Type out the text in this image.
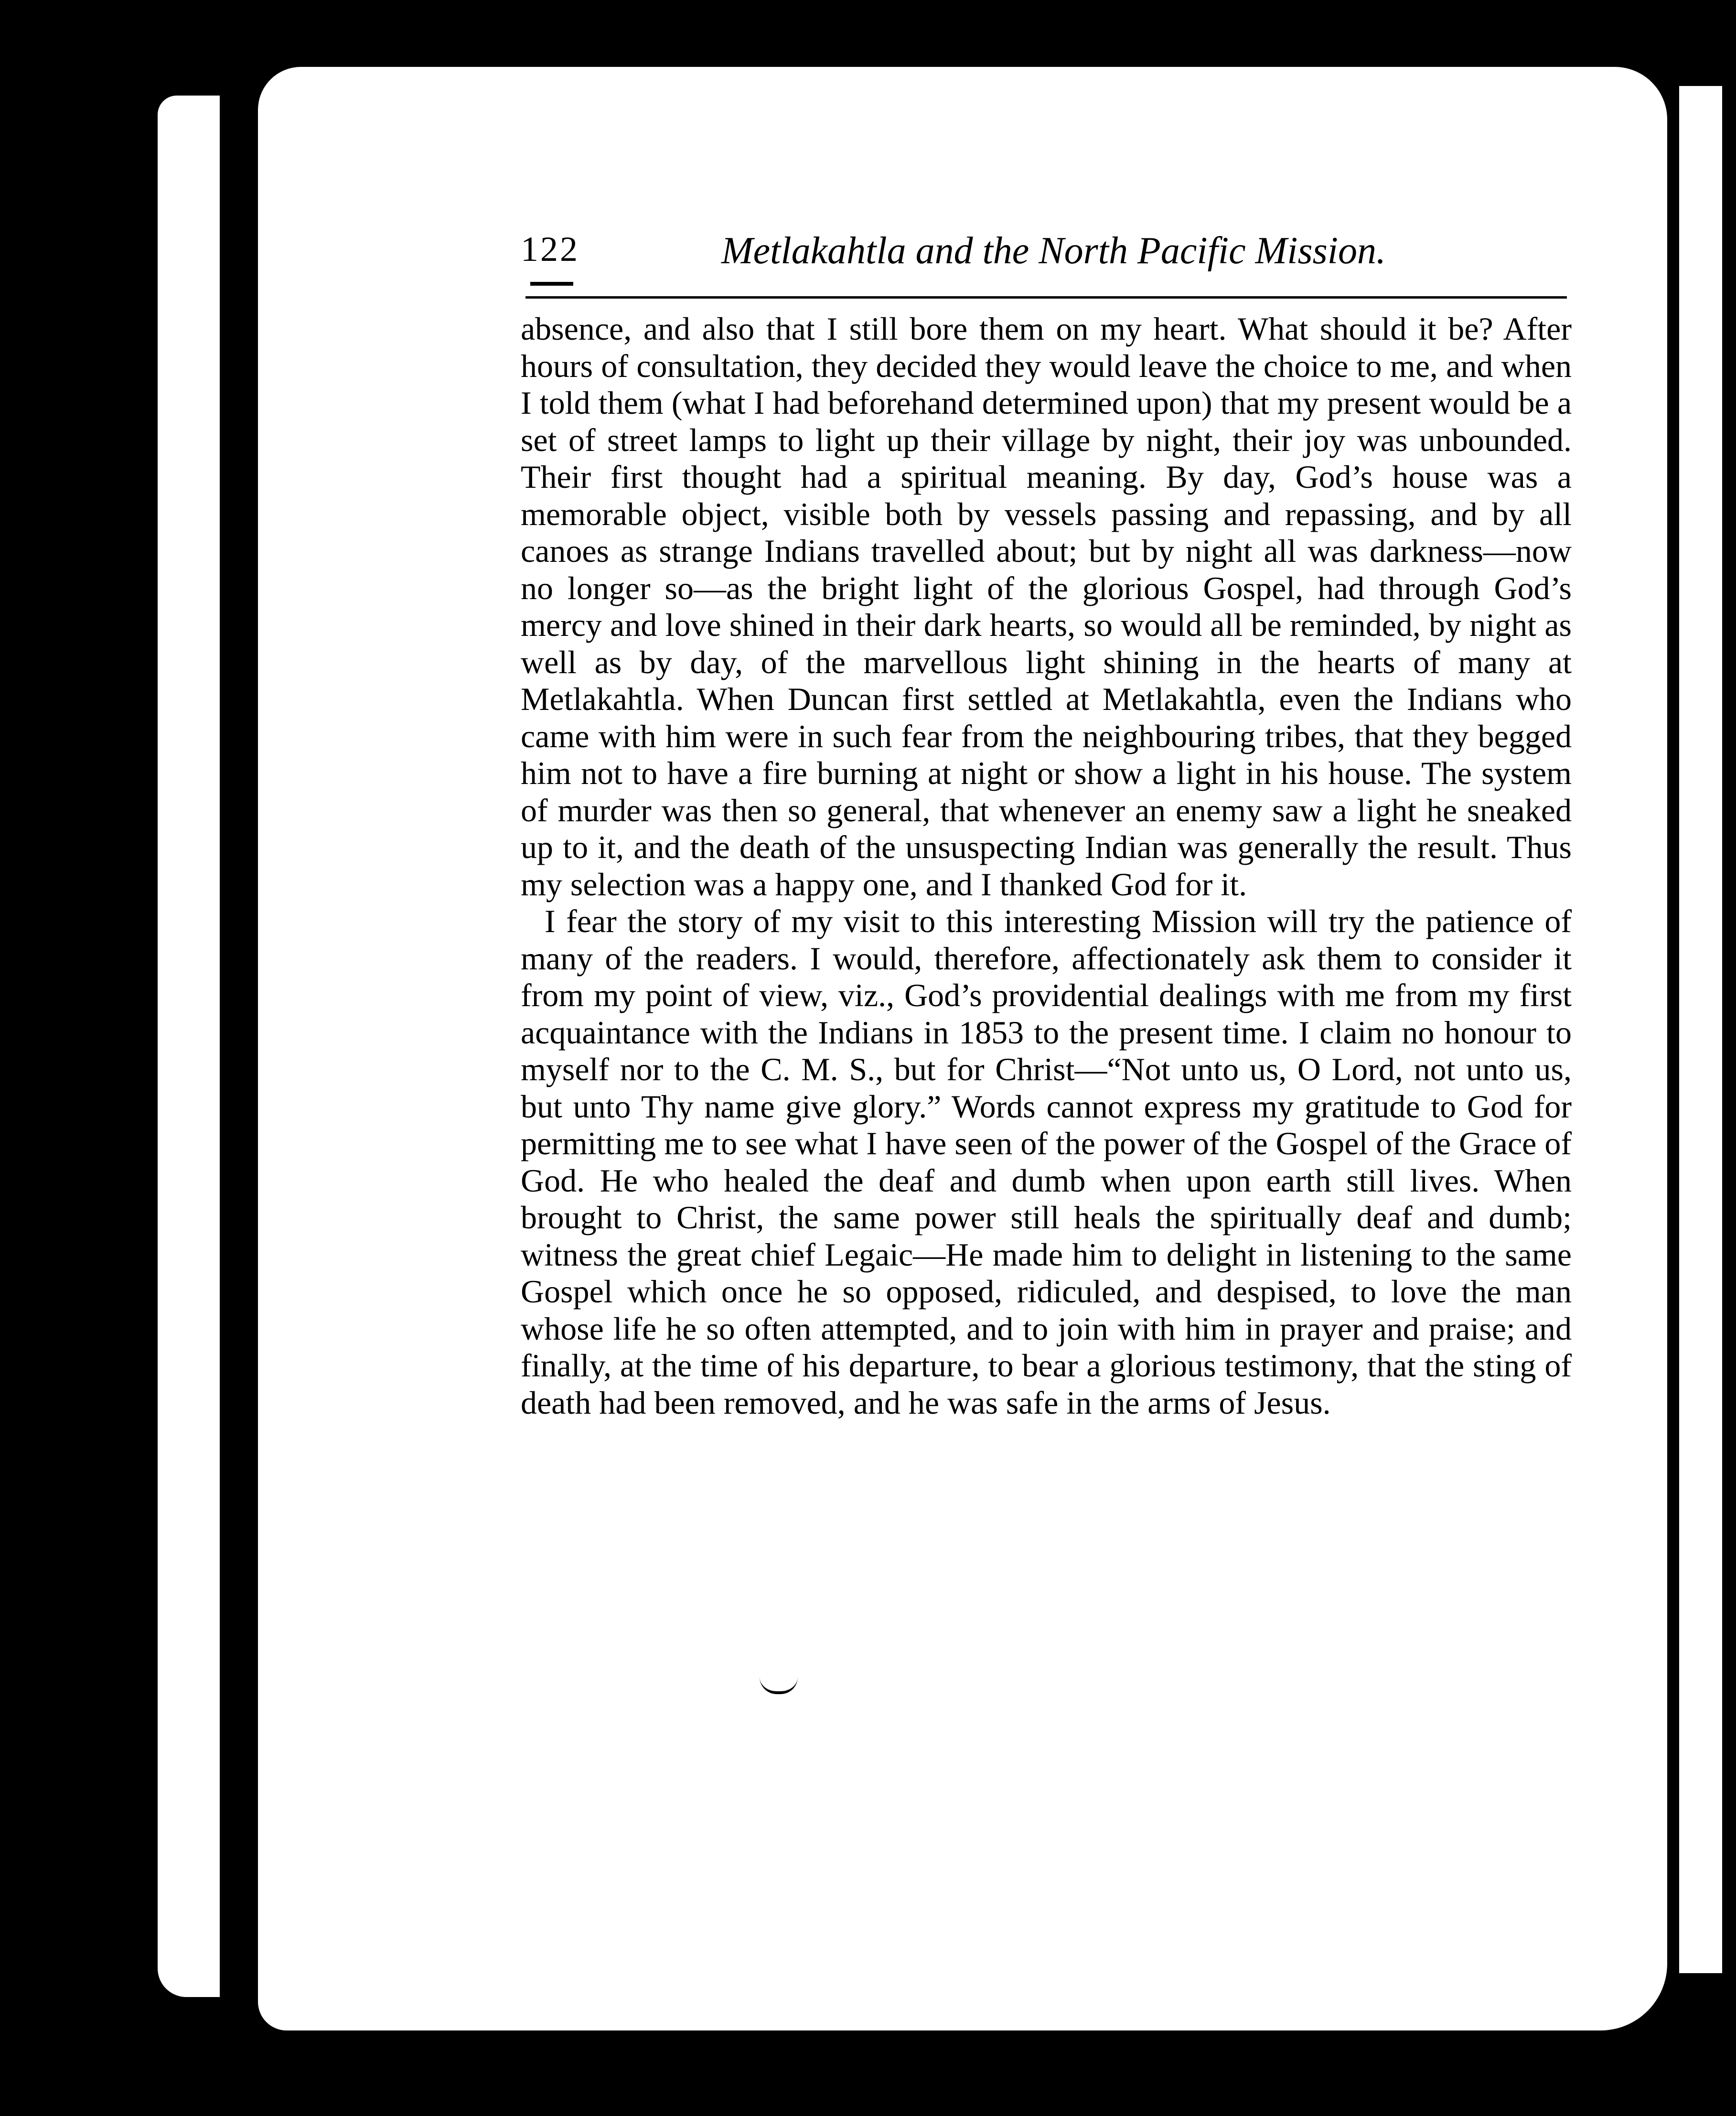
122	Metlakahtla and the North Pacific Mission.

absence, and also that I still bore them on my heart. What should it be? After hours of consultation, they decided they would leave the choice to me, and when I told them (what I had beforehand determined upon) that my present would be a set of street lamps to light up their village by night, their joy was unbounded. Their first thought had a spiritual meaning. By day, God’s house was a memorable object, visible both by vessels passing and repassing, and by all canoes as strange Indians travelled about; but by night all was darkness—now no longer so—as the bright light of the glorious Gospel, had through God’s mercy and love shined in their dark hearts, so would all be reminded, by night as well as by day, of the marvellous light shining in the hearts of many at Metlakahtla. When Duncan first settled at Metlakahtla, even the Indians who came with him were in such fear from the neighbouring tribes, that they begged him not to have a fire burning at night or show a light in his house. The system of murder was then so general, that whenever an enemy saw a light he sneaked up to it, and the death of the unsuspecting Indian was generally the result. Thus my selection was a happy one, and I thanked God for it.

I fear the story of my visit to this interesting Mission will try the patience of many of the readers. I would, therefore, affectionately ask them to consider it from my point of view, viz., God’s providential dealings with me from my first acquaintance with the Indians in 1853 to the present time. I claim no honour to myself nor to the C. M. S., but for Christ—“Not unto us, O Lord, not unto us, but unto Thy name give glory.” Words cannot express my gratitude to God for permitting me to see what I have seen of the power of the Gospel of the Grace of God. He who healed the deaf and dumb when upon earth still lives. When brought to Christ, the same power still heals the spiritually deaf and dumb; witness the great chief Legaic—He made him to delight in listening to the same Gospel which once he so opposed, ridiculed, and despised, to love the man whose life he so often attempted, and to join with him in prayer and praise; and finally, at the time of his departure, to bear a glorious testimony, that the sting of death had been removed, and he was safe in the arms of Jesus.
